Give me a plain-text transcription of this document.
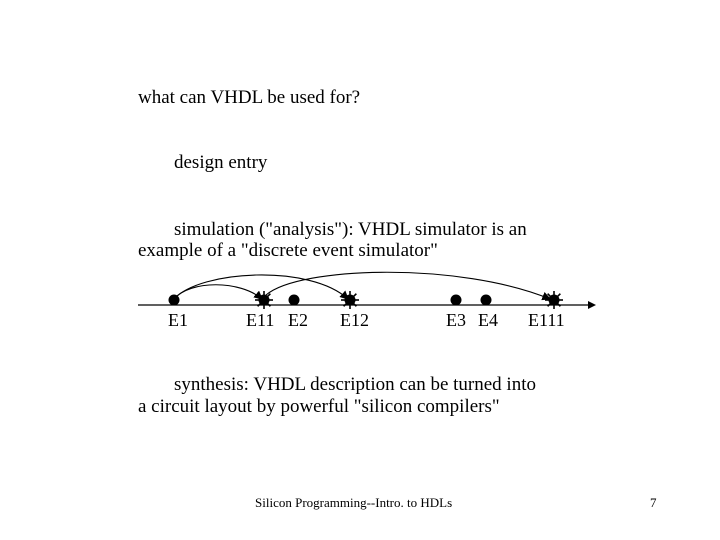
what can VHDL be used for?
design entry
simulation ("analysis"): VHDL simulator is an
example of a "discrete event simulator"
E1	E11 E2 E12	E3 E4 E111
synthesis: VHDL description can be turned into
a circuit layout by powerful "silicon compilers"
Silicon Programming--Intro. to HDLs	7
